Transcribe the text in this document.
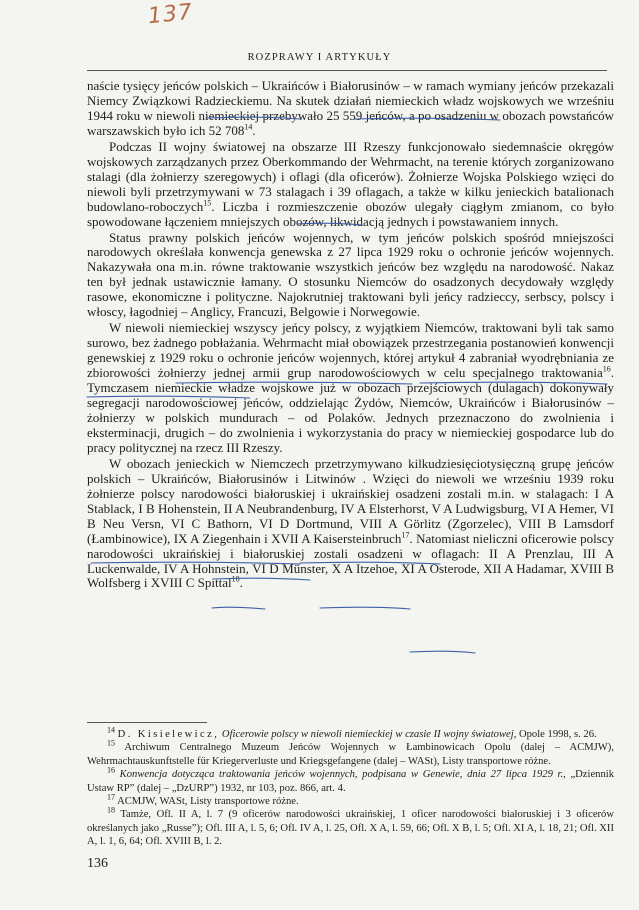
137
ROZPRAWY I ARTYKUŁY

naście tysięcy jeńców polskich – Ukraińców i Białorusinów – w ramach wymiany jeńców przekazali Niemcy Związkowi Radzieckiemu. Na skutek działań niemieckich władz wojskowych we wrześniu 1944 roku w niewoli niemieckiej przebywało 25 559 jeńców, a po osadzeniu w obozach powstańców warszawskich było ich 52 $708^{14}$.

Podczas II wojny światowej na obszarze III Rzeszy funkcjonowało siedemnaście okręgów wojskowych zarządzanych przez Oberkommando der Wehrmacht, na terenie których zorganizowano stalagi (dla żołnierzy szeregowych) i oflagi (dla oficerów). Żołnierze Wojska Polskiego wzięci do niewoli byli przetrzymywani w 73 stalagach i 39 oflagach, a także w kilku jenieckich batalionach budowlano-roboczych$^{15}$. Liczba i rozmieszczenie obozów ulegały ciągłym zmianom, co było spowodowane łączeniem mniejszych obozów, likwidacją jednych i powstawaniem innych.

Status prawny polskich jeńców wojennych, w tym jeńców polskich spośród mniejszości narodowych określała konwencja genewska z 27 lipca 1929 roku o ochronie jeńców wojennych. Nakazywała ona m.in. równe traktowanie wszystkich jeńców bez względu na narodowość. Nakaz ten był jednak ustawicznie łamany. O stosunku Niemców do osadzonych decydowały względy rasowe, ekonomiczne i polityczne. Najokrutniej traktowani byli jeńcy radzieccy, serbscy, polscy i włoscy, łagodniej – Anglicy, Francuzi, Belgowie i Norwegowie.

W niewoli niemieckiej wszyscy jeńcy polscy, z wyjątkiem Niemców, traktowani byli tak samo surowo, bez żadnego pobłażania. Wehrmacht miał obowiązek przestrzegania postanowień konwencji genewskiej z 1929 roku o ochronie jeńców wojennych, której artykuł 4 zabraniał wyodrębniania ze zbiorowości żołnierzy jednej armii grup narodowościowych w celu specjalnego traktowania$^{16}$. Tymczasem niemieckie władze wojskowe już w obozach przejściowych (dulagach) dokonywały segregacji narodowościowej jeńców, oddzielając Żydów, Niemców, Ukraińców i Białorusinów – żołnierzy w polskich mundurach – od Polaków. Jednych przeznaczono do zwolnienia i eksterminacji, drugich – do zwolnienia i wykorzystania do pracy w niemieckiej gospodarce lub do pracy politycznej na rzecz III Rzeszy.

W obozach jenieckich w Niemczech przetrzymywano kilkudziesięciotysięczną grupę jeńców polskich – Ukraińców, Białorusinów i Litwinów . Wzięci do niewoli we wrześniu 1939 roku żołnierze polscy narodowości białoruskiej i ukraińskiej osadzeni zostali m.in. w stalagach: I A Stablack, I B Hohenstein, II A Neubrandenburg, IV A Elsterhorst, V A Ludwigsburg, VI A Hemer, VI B Neu Versn, VI C Bathorn, VI D Dortmund, VIII A Görlitz (Zgorzelec), VIII B Lamsdorf (Łambinowice), IX A Ziegenhain i XVII A Kaisersteinbruch$^{17}$. Natomiast nieliczni oficerowie polscy narodowości ukraińskiej i białoruskiej zostali osadzeni w oflagach: II A Prenzlau, III A Luckenwalde, IV A Hohnstein, VI D Münster, X A Itzehoe, XI A Osterode, XII A Hadamar, XVIII B Wolfsberg i XVIII C Spittal$^{18}$.

$^{14}$ D. Kisielewicz, Oficerowie polscy w niewoli niemieckiej w czasie II wojny światowej, Opole 1998, s. 26.
$^{15}$ Archiwum Centralnego Muzeum Jeńców Wojennych w Łambinowicach Opolu (dalej – ACMJW), Wehrmachtauskunftstelle für Kriegerverluste und Kriegsgefangene (dalej – WASt), Listy transportowe różne.
$^{16}$ Konwencja dotycząca traktowania jeńców wojennych, podpisana w Genewie, dnia 27 lipca 1929 r., „Dziennik Ustaw RP” (dalej – „DzURP”) 1932, nr 103, poz. 866, art. 4.
$^{17}$ ACMJW, WASt, Listy transportowe różne.
$^{18}$ Tamże, Ofl. II A, l. 7 (9 oficerów narodowości ukraińskiej, 1 oficer narodowości białoruskiej i 3 oficerów określanych jako „Russe”); Ofl. III A, l. 5, 6; Ofl. IV A, l. 25, Ofl. X A, l. 59, 66; Ofl. X B, l. 5; Ofl. XI A, l. 18, 21; Ofl. XII A, l. 1, 6, 64; Ofl. XVIII B, l. 2.
136
